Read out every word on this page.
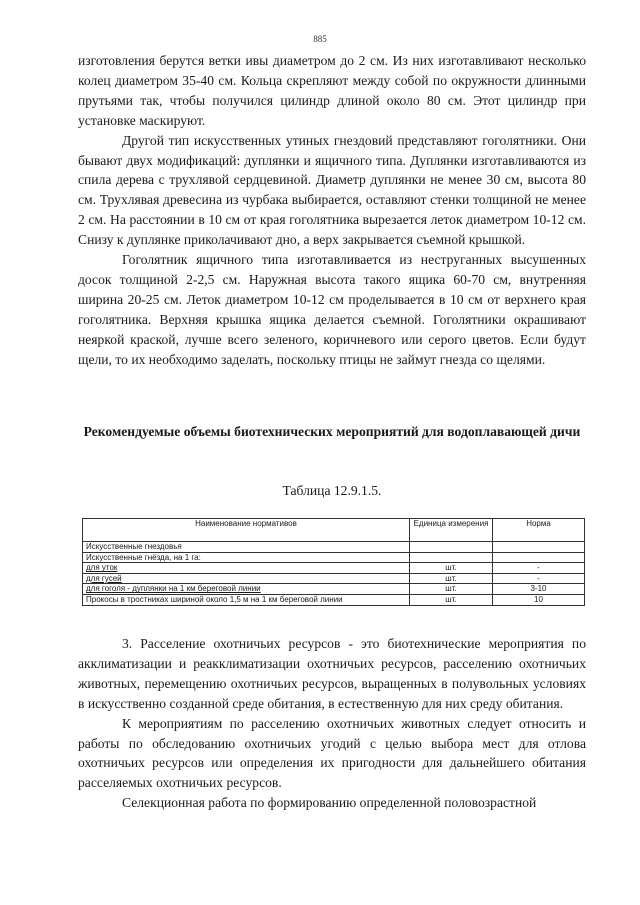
885

изготовления берутся ветки ивы диаметром до 2 см. Из них изготавливают несколько колец диаметром 35-40 см. Кольца скрепляют между собой по окружности длинными прутьями так, чтобы получился цилиндр длиной около 80 см. Этот цилиндр при установке маскируют.

Другой тип искусственных утиных гнездовий представляют гоголятники. Они бывают двух модификаций: дуплянки и ящичного типа. Дуплянки изготавливаются из спила дерева с трухлявой сердцевиной. Диаметр дуплянки не менее 30 см, высота 80 см. Трухлявая древесина из чурбака выбирается, оставляют стенки толщиной не менее 2 см. На расстоянии в 10 см от края гоголятника вырезается леток диаметром 10-12 см. Снизу к дуплянке приколачивают дно, а верх закрывается съемной крышкой.

Гоголятник ящичного типа изготавливается из неструганных высушенных досок толщиной 2-2,5 см. Наружная высота такого ящика 60-70 см, внутренняя ширина 20-25 см. Леток диаметром 10-12 см проделывается в 10 см от верхнего края гоголятника. Верхняя крышка ящика делается съемной. Гоголятники окрашивают неяркой краской, лучше всего зеленого, коричневого или серого цветов. Если будут щели, то их необходимо заделать, поскольку птицы не займут гнезда со щелями.

Рекомендуемые объемы биотехнических мероприятий для водоплавающей дичи
Таблица 12.9.1.5.
Наименование нормативов	Единица измерения	Норма
Искусственные гнездовья		
Искусственные гнёзда, на 1 га:		
для уток	шт.	-
для гусей	шт.	-
для гоголя - дуплянки на 1 км береговой линии	шт.	3-10
Прокосы в тростниках шириной около 1,5 м на 1 км береговой линии	шт.	10

3. Расселение охотничьих ресурсов - это биотехнические мероприятия по акклиматизации и реакклиматизации охотничьих ресурсов, расселению охотничьих животных, перемещению охотничьих ресурсов, выращенных в полувольных условиях в искусственно созданной среде обитания, в естественную для них среду обитания.

К мероприятиям по расселению охотничьих животных следует относить и работы по обследованию охотничьих угодий с целью выбора мест для отлова охотничьих ресурсов или определения их пригодности для дальнейшего обитания расселяемых охотничьих ресурсов.

Селекционная работа по формированию определенной половозрастной
